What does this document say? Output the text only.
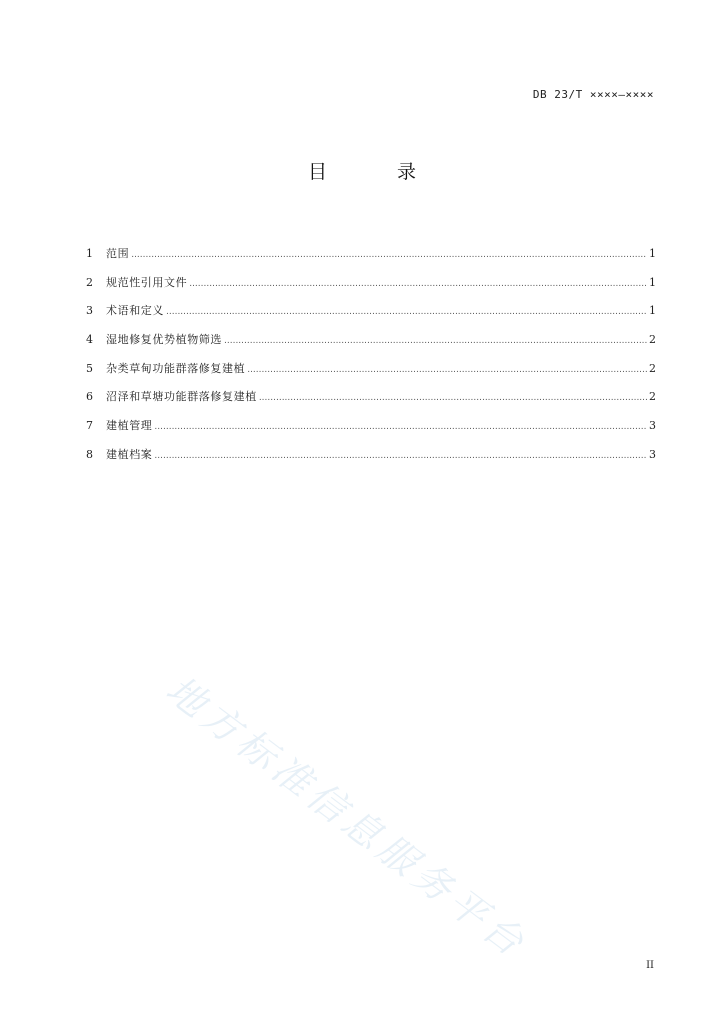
DB 23/T ××××—××××
目 录
1	范围 .....	1
2	规范性引用文件 .....	1
3	术语和定义 .....	1
4	湿地修复优势植物筛选 .....	2
5	杂类草甸功能群落修复建植 .....	2
6	沼泽和草塘功能群落修复建植 .....	2
7	建植管理 .....	3
8	建植档案 .....	3
地方标准信息服务平台	II
